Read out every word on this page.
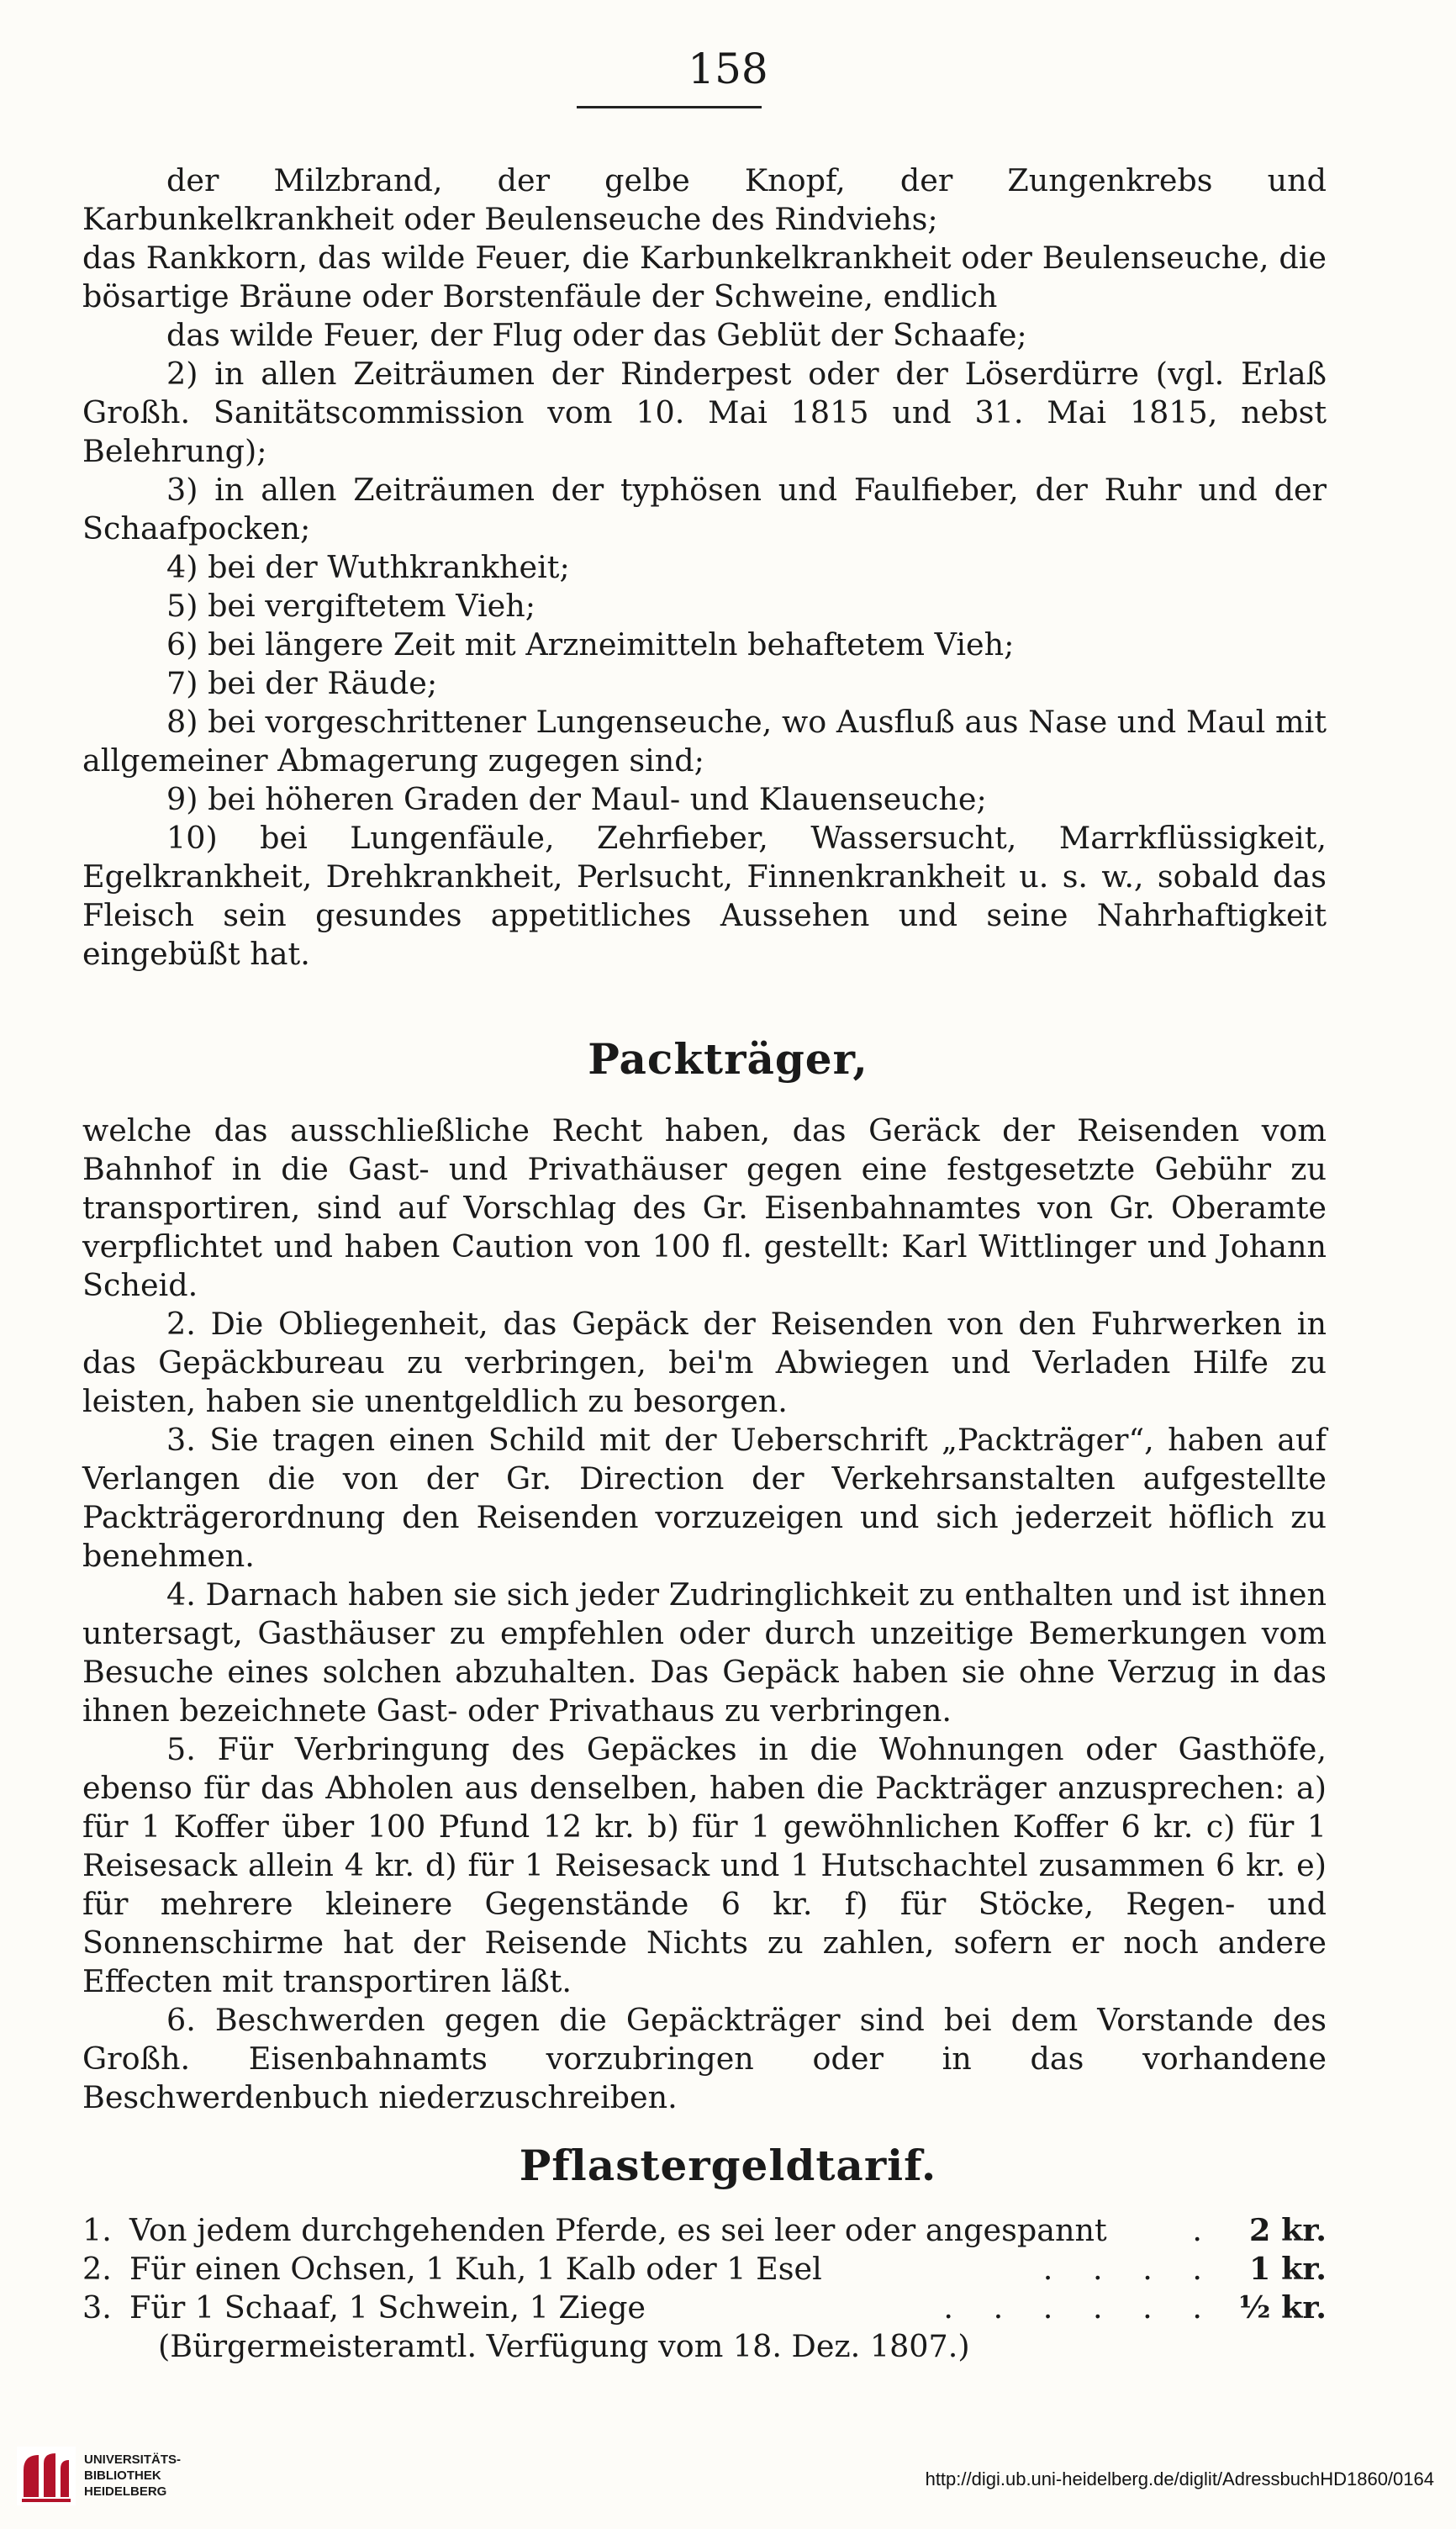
158

der Milzbrand, der gelbe Knopf, der Zungenkrebs und Karbunkelkrankheit oder Beulenseuche des Rindviehs;

das Rankkorn, das wilde Feuer, die Karbunkelkrankheit oder Beulenseuche, die bösartige Bräune oder Borstenfäule der Schweine, endlich

das wilde Feuer, der Flug oder das Geblüt der Schaafe;

2) in allen Zeiträumen der Rinderpest oder der Löserdürre (vgl. Erlaß Großh. Sanitätscommission vom 10. Mai 1815 und 31. Mai 1815, nebst Belehrung);

3) in allen Zeiträumen der typhösen und Faulfieber, der Ruhr und der Schaafpocken;

4) bei der Wuthkrankheit;

5) bei vergiftetem Vieh;

6) bei längere Zeit mit Arzneimitteln behaftetem Vieh;

7) bei der Räude;

8) bei vorgeschrittener Lungenseuche, wo Ausfluß aus Nase und Maul mit allgemeiner Abmagerung zugegen sind;

9) bei höheren Graden der Maul- und Klauenseuche;

10) bei Lungenfäule, Zehrfieber, Wassersucht, Marrkflüssigkeit, Egelkrankheit, Drehkrankheit, Perlsucht, Finnenkrankheit u. s. w., sobald das Fleisch sein gesundes appetitliches Aussehen und seine Nahrhaftigkeit eingebüßt hat.

Packträger,

welche das ausschließliche Recht haben, das Geräck der Reisenden vom Bahnhof in die Gast- und Privathäuser gegen eine festgesetzte Gebühr zu transportiren, sind auf Vorschlag des Gr. Eisenbahnamtes von Gr. Oberamte verpflichtet und haben Caution von 100 fl. gestellt: Karl Wittlinger und Johann Scheid.

2. Die Obliegenheit, das Gepäck der Reisenden von den Fuhrwerken in das Gepäckbureau zu verbringen, bei'm Abwiegen und Verladen Hilfe zu leisten, haben sie unentgeldlich zu besorgen.

3. Sie tragen einen Schild mit der Ueberschrift „Packträger“, haben auf Verlangen die von der Gr. Direction der Verkehrsanstalten aufgestellte Packträgerordnung den Reisenden vorzuzeigen und sich jederzeit höflich zu benehmen.

4. Darnach haben sie sich jeder Zudringlichkeit zu enthalten und ist ihnen untersagt, Gasthäuser zu empfehlen oder durch unzeitige Bemerkungen vom Besuche eines solchen abzuhalten. Das Gepäck haben sie ohne Verzug in das ihnen bezeichnete Gast- oder Privathaus zu verbringen.

5. Für Verbringung des Gepäckes in die Wohnungen oder Gasthöfe, ebenso für das Abholen aus denselben, haben die Packträger anzusprechen: a) für 1 Koffer über 100 Pfund 12 kr. b) für 1 gewöhnlichen Koffer 6 kr. c) für 1 Reisesack allein 4 kr. d) für 1 Reisesack und 1 Hutschachtel zusammen 6 kr. e) für mehrere kleinere Gegenstände 6 kr. f) für Stöcke, Regen- und Sonnenschirme hat der Reisende Nichts zu zahlen, sofern er noch andere Effecten mit transportiren läßt.

6. Beschwerden gegen die Gepäckträger sind bei dem Vorstande des Großh. Eisenbahnamts vorzubringen oder in das vorhandene Beschwerdenbuch niederzuschreiben.

Pflastergeldtarif.
1. Von jedem durchgehenden Pferde, es sei leer oder angespannt	.	2 kr.
2. Für einen Ochsen, 1 Kuh, 1 Kalb oder 1 Esel	. . . .	1 kr.
3. Für 1 Schaaf, 1 Schwein, 1 Ziege	. . . . . . ½ kr.
(Bürgermeisteramtl. Verfügung vom 18. Dez. 1807.)
UNIVERSITÄTS-
BIBLIOTHEK
HEIDELBERG
http://digi.ub.uni-heidelberg.de/diglit/AdressbuchHD1860/0164
